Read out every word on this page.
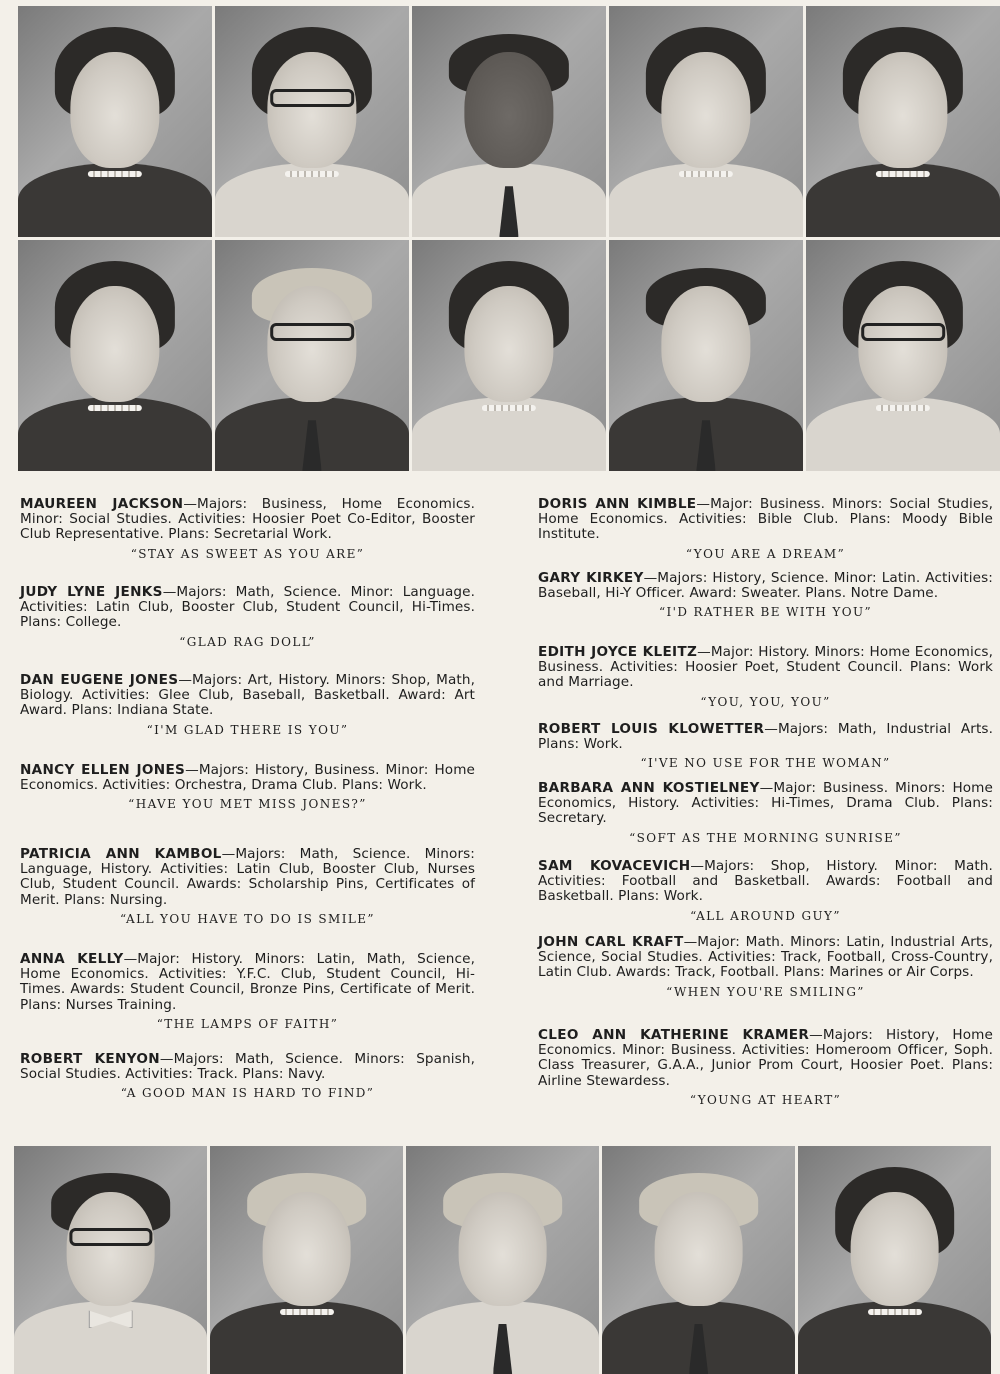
MAUREEN JACKSON—Majors: Business, Home Economics. Minor: Social Studies. Activities: Hoosier Poet Co-Editor, Booster Club Representative. Plans: Secretarial Work.

“STAY AS SWEET AS YOU ARE”

JUDY LYNE JENKS—Majors: Math, Science. Minor: Language. Activities: Latin Club, Booster Club, Student Council, Hi-Times. Plans: College.

“GLAD RAG DOLL”

DAN EUGENE JONES—Majors: Art, History. Minors: Shop, Math, Biology. Activities: Glee Club, Baseball, Basketball. Award: Art Award. Plans: Indiana State.

“I'M GLAD THERE IS YOU”

NANCY ELLEN JONES—Majors: History, Business. Minor: Home Economics. Activities: Orchestra, Drama Club. Plans: Work.

“HAVE YOU MET MISS JONES?”

PATRICIA ANN KAMBOL—Majors: Math, Science. Minors: Language, History. Activities: Latin Club, Booster Club, Nurses Club, Student Council. Awards: Scholarship Pins, Certificates of Merit. Plans: Nursing.

“ALL YOU HAVE TO DO IS SMILE”

ANNA KELLY—Major: History. Minors: Latin, Math, Science, Home Economics. Activities: Y.F.C. Club, Student Council, Hi-Times. Awards: Student Council, Bronze Pins, Certificate of Merit. Plans: Nurses Training.

“THE LAMPS OF FAITH”

ROBERT KENYON—Majors: Math, Science. Minors: Spanish, Social Studies. Activities: Track. Plans: Navy.

“A GOOD MAN IS HARD TO FIND”

DORIS ANN KIMBLE—Major: Business. Minors: Social Studies, Home Economics. Activities: Bible Club. Plans: Moody Bible Institute.

“YOU ARE A DREAM”

GARY KIRKEY—Majors: History, Science. Minor: Latin. Activities: Baseball, Hi-Y Officer. Award: Sweater. Plans. Notre Dame.

“I'D RATHER BE WITH YOU”

EDITH JOYCE KLEITZ—Major: History. Minors: Home Economics, Business. Activities: Hoosier Poet, Student Council. Plans: Work and Marriage.

“YOU, YOU, YOU”

ROBERT LOUIS KLOWETTER—Majors: Math, Industrial Arts. Plans: Work.

“I'VE NO USE FOR THE WOMAN”

BARBARA ANN KOSTIELNEY—Major: Business. Minors: Home Economics, History. Activities: Hi-Times, Drama Club. Plans: Secretary.

“SOFT AS THE MORNING SUNRISE”

SAM KOVACEVICH—Majors: Shop, History. Minor: Math. Activities: Football and Basketball. Awards: Football and Basketball. Plans: Work.

“ALL AROUND GUY”

JOHN CARL KRAFT—Major: Math. Minors: Latin, Industrial Arts, Science, Social Studies. Activities: Track, Football, Cross-Country, Latin Club. Awards: Track, Football. Plans: Marines or Air Corps.

“WHEN YOU'RE SMILING”

CLEO ANN KATHERINE KRAMER—Majors: History, Home Economics. Minor: Business. Activities: Homeroom Officer, Soph. Class Treasurer, G.A.A., Junior Prom Court, Hoosier Poet. Plans: Airline Stewardess.

“YOUNG AT HEART”
